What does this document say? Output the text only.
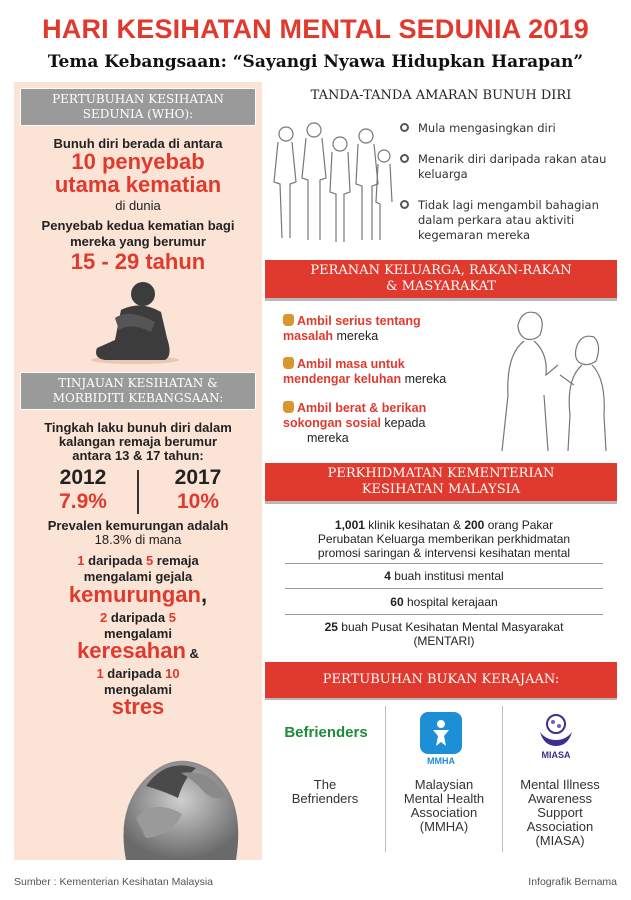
HARI KESIHATAN MENTAL SEDUNIA 2019
Tema Kebangsaan: “Sayangi Nyawa Hidupkan Harapan”
PERTUBUHAN KESIHATAN
SEDUNIA (WHO):
Bunuh diri berada di antara
10 penyebab
utama kematian
di dunia
Penyebab kedua kematian bagi
mereka yang berumur
15 - 29 tahun
TINJAUAN KESIHATAN &
MORBIDITI KEBANGSAAN:
Tingkah laku bunuh diri dalam
kalangan remaja berumur
antara 13 & 17 tahun:
2012
7.9%
2017
10%
Prevalen kemurungan adalah
18.3% di mana
1 daripada 5 remaja
mengalami gejala
kemurungan,
2 daripada 5
mengalami
keresahan &
1 daripada 10
mengalami
stres
TANDA-TANDA AMARAN BUNUH DIRI
Mula mengasingkan diri
Menarik diri daripada rakan atau keluarga
Tidak lagi mengambil bahagian dalam perkara atau aktiviti kegemaran mereka
PERANAN KELUARGA, RAKAN-RAKAN
& MASYARAKAT
Ambil serius tentang
masalah mereka
Ambil masa untuk
mendengar keluhan mereka
Ambil berat & berikan
sokongan sosial kepada
mereka
PERKHIDMATAN KEMENTERIAN
KESIHATAN MALAYSIA
1,001 klinik kesihatan & 200 orang Pakar
Perubatan Keluarga memberikan perkhidmatan
promosi saringan & intervensi kesihatan mental
4 buah institusi mental
60 hospital kerajaan
25 buah Pusat Kesihatan Mental Masyarakat
(MENTARI)
PERTUBUHAN BUKAN KERAJAAN:
Befrienders
MMHA
MIASA
The
Befrienders
Malaysian
Mental Health
Association
(MMHA)
Mental Illness
Awareness
Support
Association
(MIASA)
Sumber : Kementerian Kesihatan Malaysia	Infografik Bernama
